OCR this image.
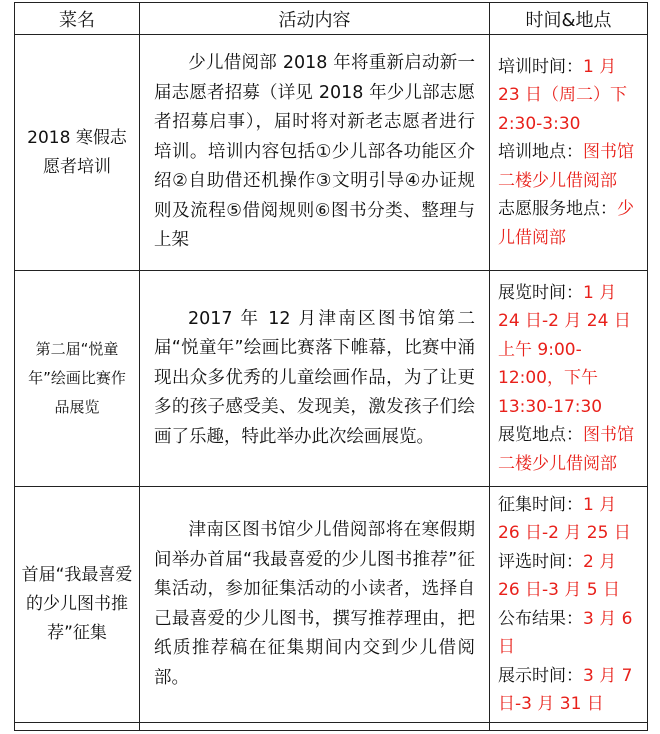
菜名	活动内容	时间&地点
2018 寒假志愿者培训	少儿借阅部 2018 年将重新启动新一届志愿者招募（详见 2018 年少儿部志愿者招募启事），届时将对新老志愿者进行培训。培训内容包括①少儿部各功能区介绍②自助借还机操作③文明引导④办证规则及流程⑤借阅规则⑥图书分类、整理与上架	培训时间：1 月 23 日（周二）下 2:30-3:30
培训地点：图书馆二楼少儿借阅部
志愿服务地点：少儿借阅部

第二届“悦童年”绘画比赛作品展览	2017 年 12 月津南区图书馆第二届“悦童年”绘画比赛落下帷幕，比赛中涌现出众多优秀的儿童绘画作品，为了让更多的孩子感受美、发现美，激发孩子们绘画了乐趣，特此举办此次绘画展览。	展览时间：1 月 24 日-2 月 24 日 上午 9:00-12:00，下午 13:30-17:30
展览地点：图书馆二楼少儿借阅部

首届“我最喜爱的少儿图书推荐”征集	津南区图书馆少儿借阅部将在寒假期间举办首届“我最喜爱的少儿图书推荐”征集活动，参加征集活动的小读者，选择自己最喜爱的少儿图书，撰写推荐理由，把纸质推荐稿在征集期间内交到少儿借阅部。	征集时间：1 月 26 日-2 月 25 日
评选时间：2 月 26 日-3 月 5 日
公布结果：3 月 6 日
展示时间：3 月 7 日-3 月 31 日
